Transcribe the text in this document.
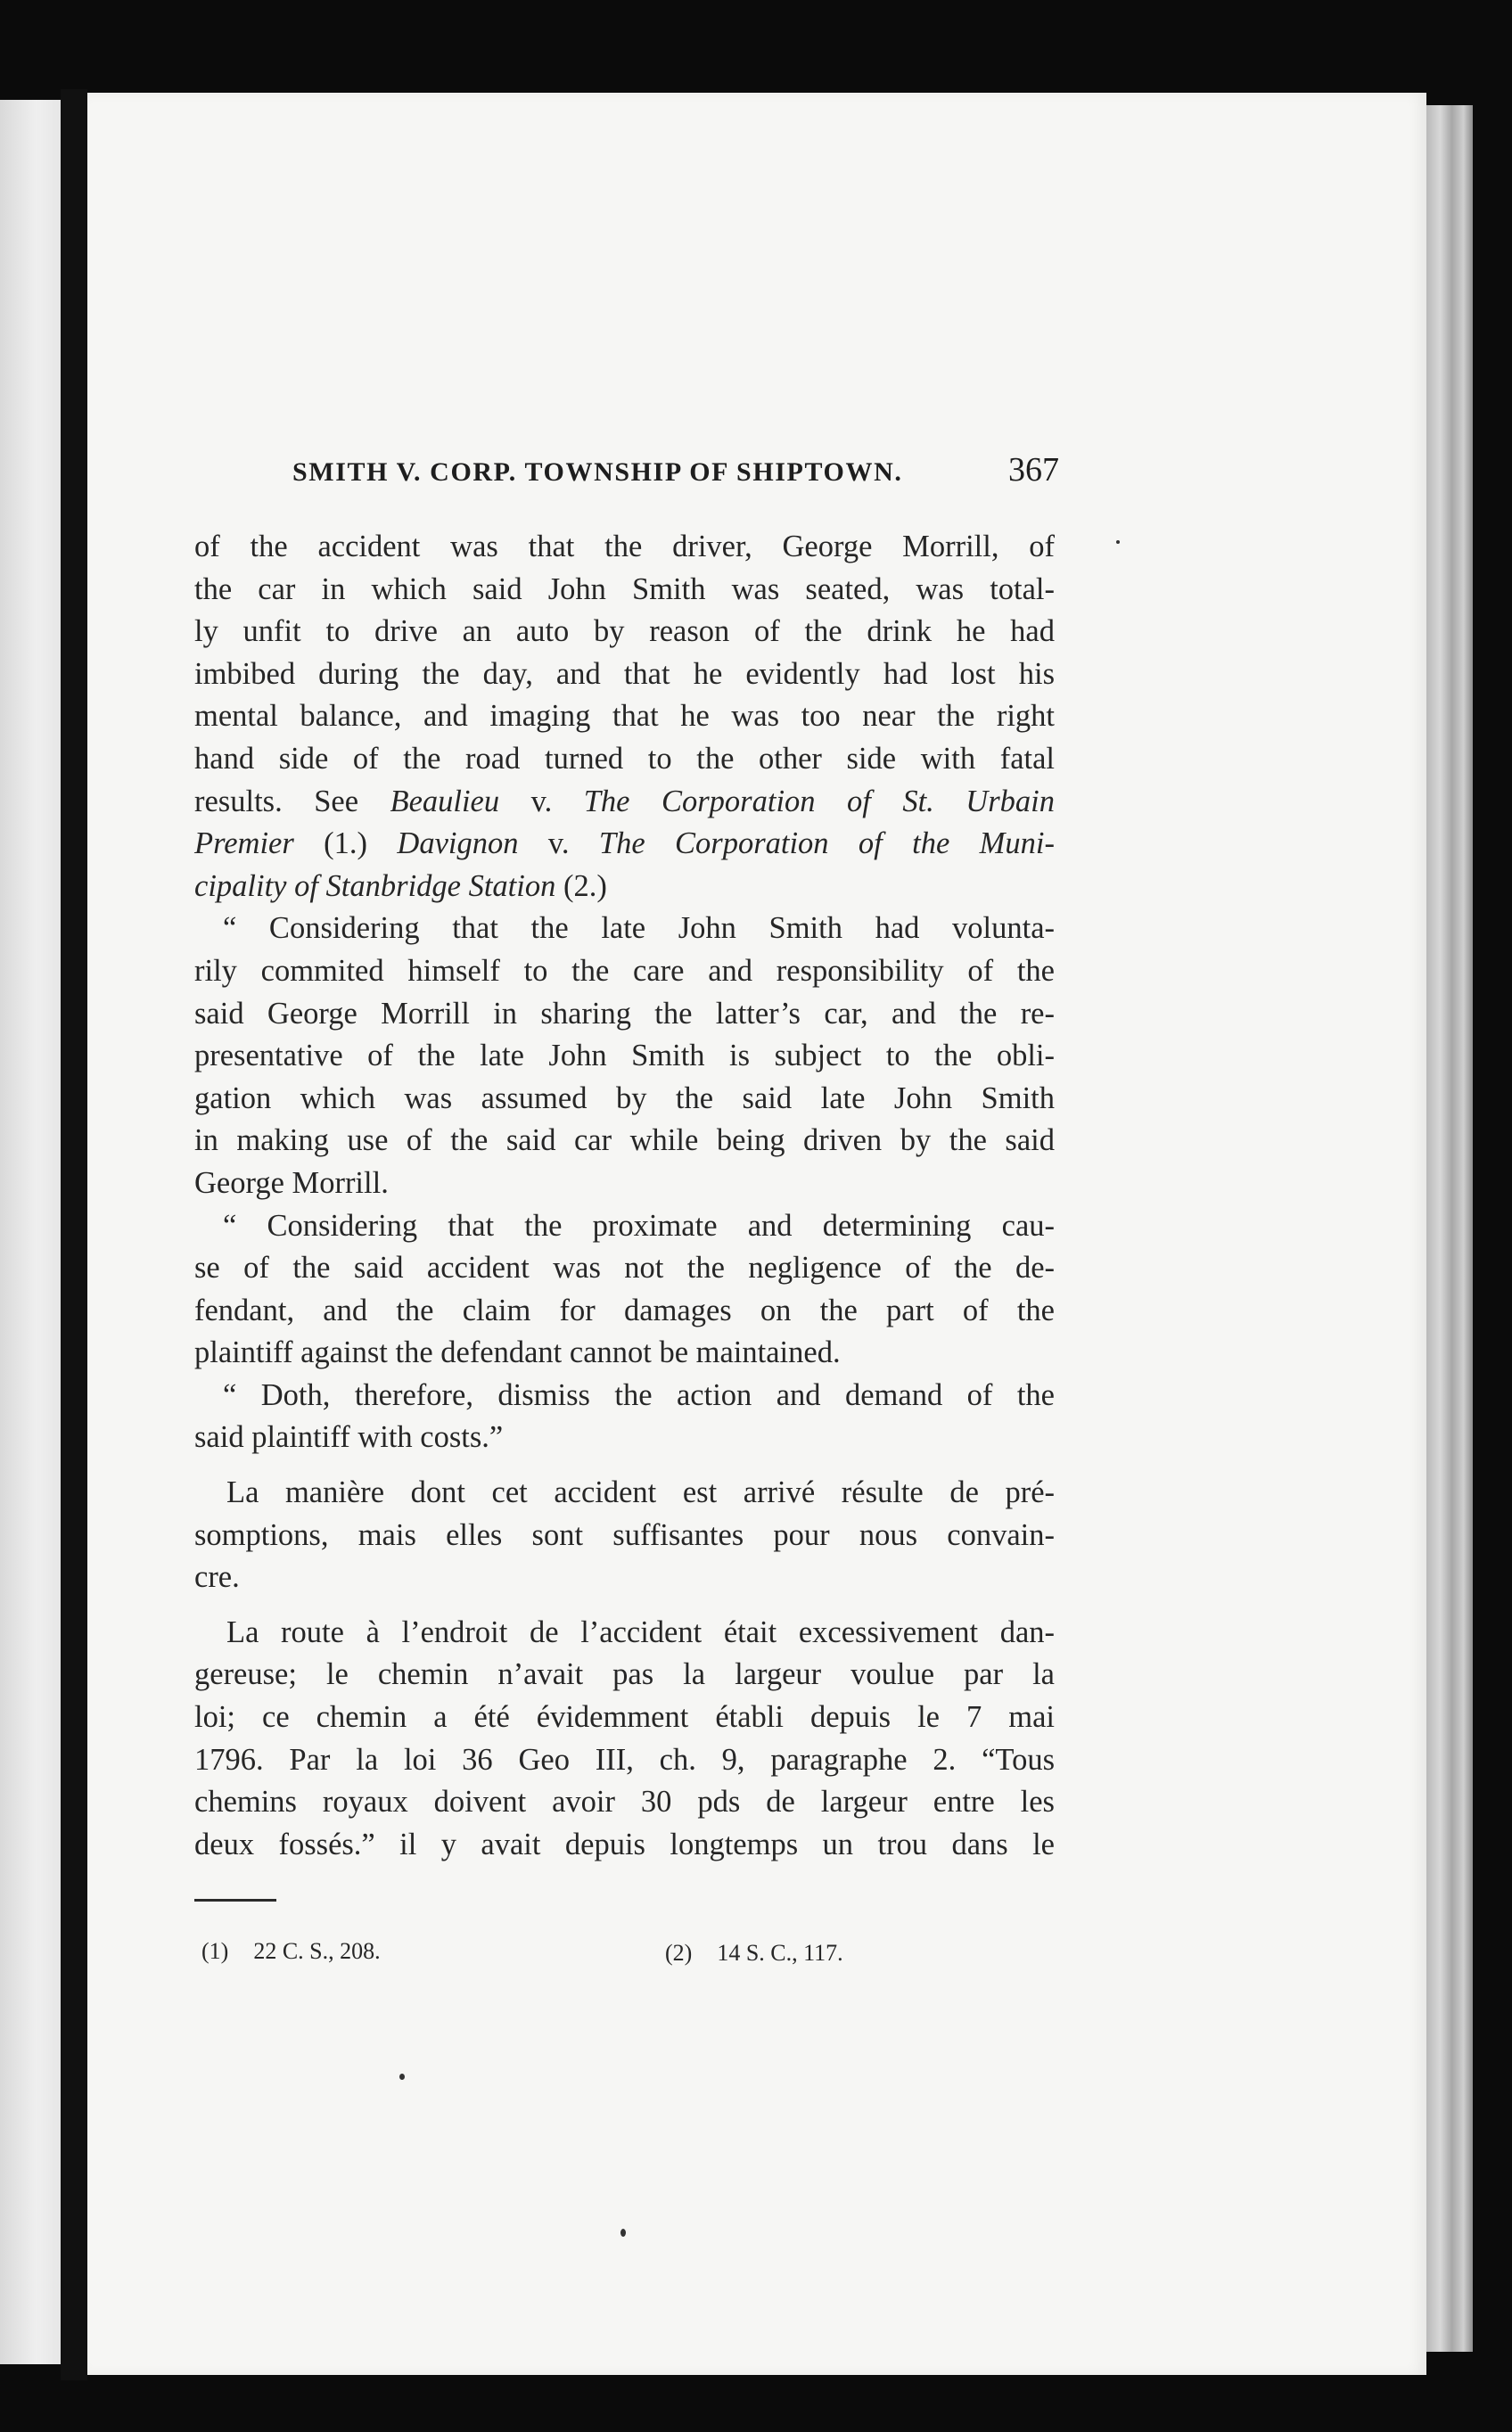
SMITH V. CORP. TOWNSHIP OF SHIPTOWN.	367
of the accident was that the driver, George Morrill, of
the car in which said John Smith was seated, was total-
ly unfit to drive an auto by reason of the drink he had
imbibed during the day, and that he evidently had lost his
mental balance, and imaging that he was too near the right
hand side of the road turned to the other side with fatal
results. See Beaulieu v. The Corporation of St. Urbain
Premier (1.) Davignon v. The Corporation of the Muni-
cipality of Stanbridge Station (2.)
“ Considering that the late John Smith had volunta-
rily commited himself to the care and responsibility of the
said George Morrill in sharing the latter’s car, and the re-
presentative of the late John Smith is subject to the obli-
gation which was assumed by the said late John Smith
in making use of the said car while being driven by the said
George Morrill.
“ Considering that the proximate and determining cau-
se of the said accident was not the negligence of the de-
fendant, and the claim for damages on the part of the
plaintiff against the defendant cannot be maintained.
“ Doth, therefore, dismiss the action and demand of the
said plaintiff with costs.”
La manière dont cet accident est arrivé résulte de pré-
somptions, mais elles sont suffisantes pour nous convain-
cre.
La route à l’endroit de l’accident était excessivement dan-
gereuse; le chemin n’avait pas la largeur voulue par la
loi; ce chemin a été évidemment établi depuis le 7 mai
1796. Par la loi 36 Geo III, ch. 9, paragraphe 2. “Tous
chemins royaux doivent avoir 30 pds de largeur entre les
deux fossés.” il y avait depuis longtemps un trou dans le
(1) 22 C. S., 208.	(2) 14 S. C., 117.
